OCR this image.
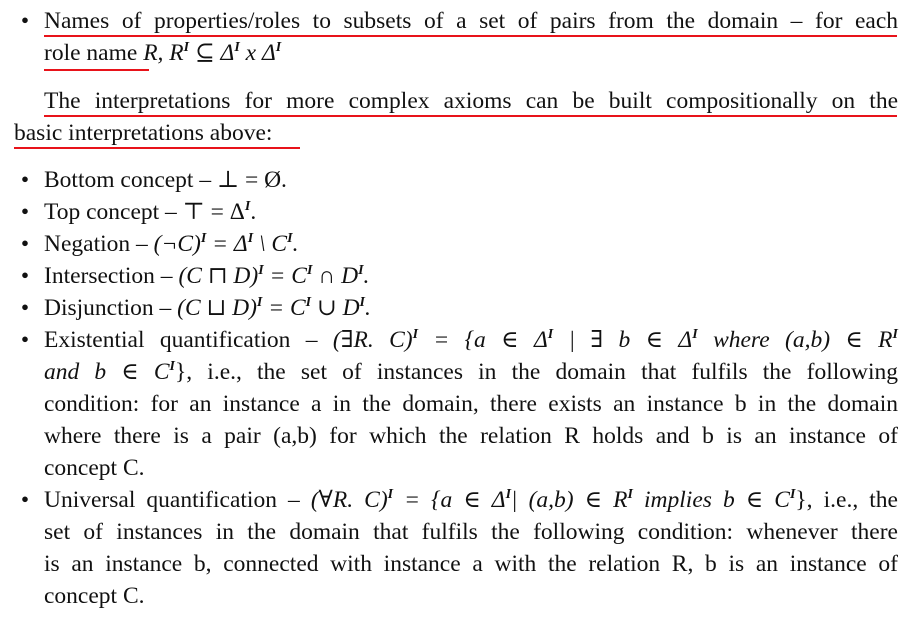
• Names of properties/roles to subsets of a set of pairs from the domain – for each
role name R, $R^I$ ⊆ $\Delta^I$ x $\Delta^I$
The interpretations for more complex axioms can be built compositionally on the
basic interpretations above:
• Bottom concept – ⊥ = Ø.
• Top concept – ⊤ = $\Delta^I$.
• Negation – (¬C)$^I$ = $\Delta^I$ \ $C^I$.
• Intersection – (C ⊓ $D)^I = C^I$ ∩ $D^I$.
• Disjunction – (C ⊔ $D)^I = C^I$ ∪ $D^I$.
• Existential quantification – (∃R. C)$^I$ = {a ∈ $\Delta^I$ | ∃ b ∈ $\Delta^I$ where (a,b) ∈ $R^I$
and b ∈ $C^I$}, i.e., the set of instances in the domain that fulfils the following
condition: for an instance a in the domain, there exists an instance b in the domain
where there is a pair (a,b) for which the relation R holds and b is an instance of
concept C.
• Universal quantification – (∀R. C)$^I$ = {a ∈ $\Delta^I|$ (a,b) ∈ $R^I$ implies b ∈ $C^I$}, i.e., the
set of instances in the domain that fulfils the following condition: whenever there
is an instance b, connected with instance a with the relation R, b is an instance of
concept C.
